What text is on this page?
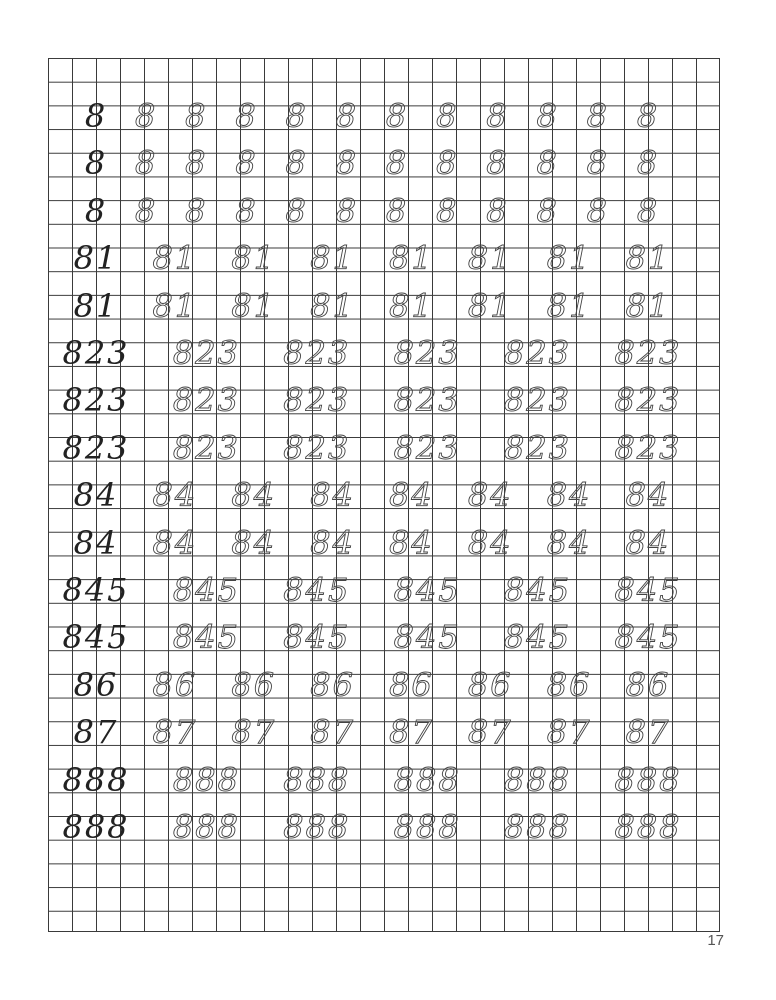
8 8 8 8 8 8 8 8 8 8 8 8
8 8 8 8 8 8 8 8 8 8 8 8
8 8 8 8 8 8 8 8 8 8 8 8
81	81	81	81	81	81	81	81
81	81	81	81	81	81	81	81
823	823	823	823	823	823
823	823	823	823	823	823
823	823	823	823	823	823
84	84	84	84	84	84	84	84
84	84	84	84	84	84	84	84
845	845	845	845	845	845
845	845	845	845	845	845
86	86	86	86	86	86	86	86
87	87	87	87	87	87	87	87
888	888	888	888	888	888
888	888	888	888	888	888
17
